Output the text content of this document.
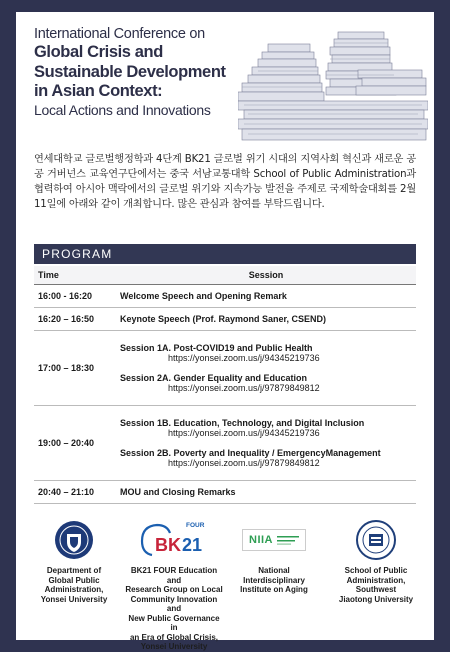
International Conference on
Global Crisis and
Sustainable Development
in Asian Context:
Local Actions and Innovations

연세대학교 글로벌행정학과 4단계 BK21 글로벌 위기 시대의 지역사회 혁신과 새로운 공공 거버넌스 교육연구단에서는 중국 서남교통대학 School of Public Administration과 협력하여 아시아 맥락에서의 글로벌 위기와 지속가능 발전을 주제로 국제학술대회를 2월11일에 아래와 같이 개최합니다. 많은 관심과 참여를 부탁드립니다.

PROGRAM
Time	Session
16:00 - 16:20	Welcome Speech and Opening Remark
16:20 – 16:50	Keynote Speech (Prof. Raymond Saner, CSEND)
17:00 – 18:30	Session 1A. Post-COVID19 and Public Health
https://yonsei.zoom.us/j/94345219736
Session 2A. Gender Equality and Education
https://yonsei.zoom.us/j/97879849812

19:00 – 20:40	Session 1B. Education, Technology, and Digital Inclusion
https://yonsei.zoom.us/j/94345219736
Session 2B. Poverty and Inequality / EmergencyManagement
https://yonsei.zoom.us/j/97879849812

20:40 – 21:10	MOU and Closing Remarks
Department of
Global Public
Administration,
Yonsei University
BK 21
FOUR
BK21 FOUR Education and
Research Group on Local
Community Innovation and
New Public Governance in
an Era of Global Crisis,
Yonsei University
NIIA
National
Interdisciplinary
Institute on Aging
School of Public
Administration,
Southwest
Jiaotong University
